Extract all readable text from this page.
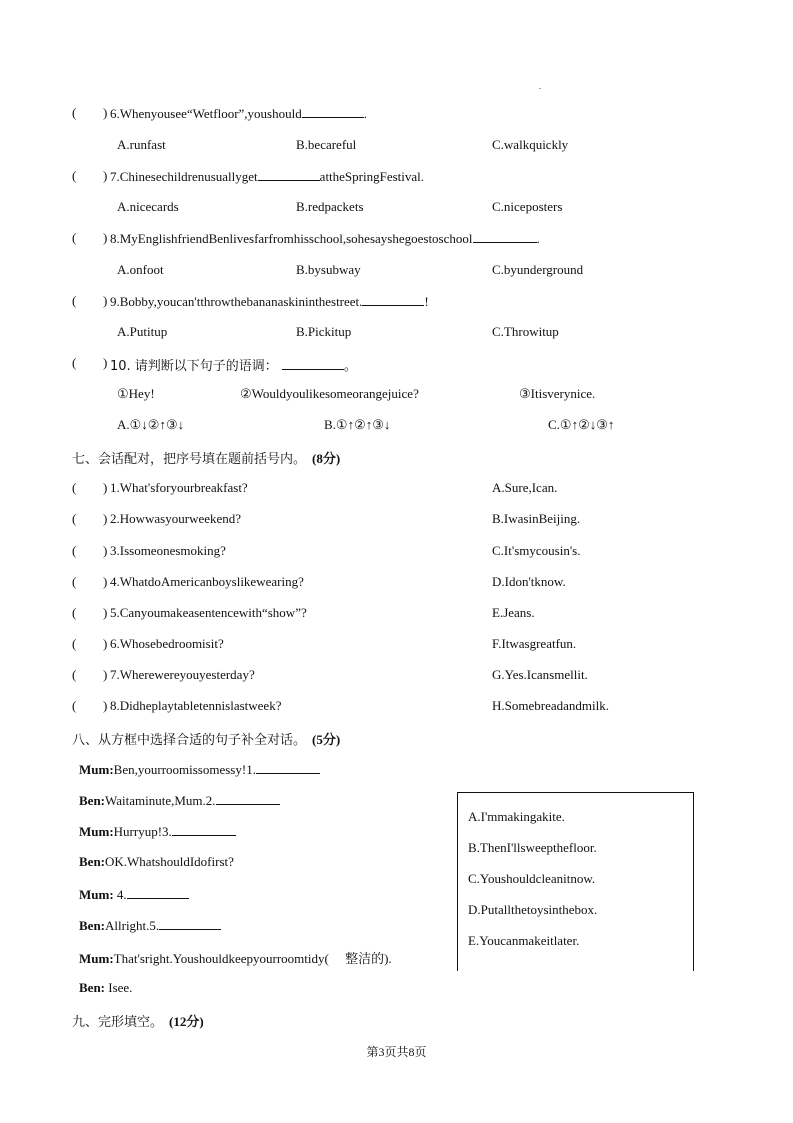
.
( ) 6.Whenyousee“Wetfloor”,youshould	.
A.runfast	B.becareful	C.walkquickly
( ) 7.Chinesechildrenusuallyget	attheSpringFestival.
A.nicecards	B.redpackets	C.niceposters
( ) 8.MyEnglishfriendBenlivesfarfromhisschool,sohesayshegoestoschool	.
A.onfoot	B.bysubway	C.byunderground
( ) 9.Bobby,youcan'tthrowthebananaskininthestreet.	!
A.Putitup	B.Pickitup	C.Throwitup
( ) 10. 请判断以下句子的语调：	。
①Hey!	②Wouldyoulikesomeorangejuice?	③Itisverynice.
A.①↓②↑③↓	B.①↑②↑③↓	C.①↑②↓③↑
七、会话配对，把序号填在题前括号内。 (8分)
( ) 1.What'sforyourbreakfast?	A.Sure,Ican.
( ) 2.Howwasyourweekend?	B.IwasinBeijing.
( ) 3.Issomeonesmoking?	C.It'smycousin's.
( ) 4.WhatdoAmericanboyslikewearing?	D.Idon'tknow.
( ) 5.Canyoumakeasentencewith“show”?	E.Jeans.
( ) 6.Whosebedroomisit?	F.Itwasgreatfun.
( ) 7.Wherewereyouyesterday?	G.Yes.Icansmellit.
( ) 8.Didheplaytabletennislastweek?	H.Somebreadandmilk.
八、从方框中选择合适的句子补全对话。 (5分)
Mum:Ben,yourroomissomessy!1.
Ben:Waitaminute,Mum.2.
Mum:Hurryup!3.
Ben:OK.WhatshouldIdofirst?
Mum: 4.
Ben:Allright.5.
Mum:That'sright.Youshouldkeepyourroomtidy(　 整洁的).
Ben: Isee.
A.I'mmakingakite.
B.ThenI'llsweepthefloor.
C.Youshouldcleanitnow.
D.Putallthetoysinthebox.
E.Youcanmakeitlater.
九、完形填空。 (12分)
第3页共8页
